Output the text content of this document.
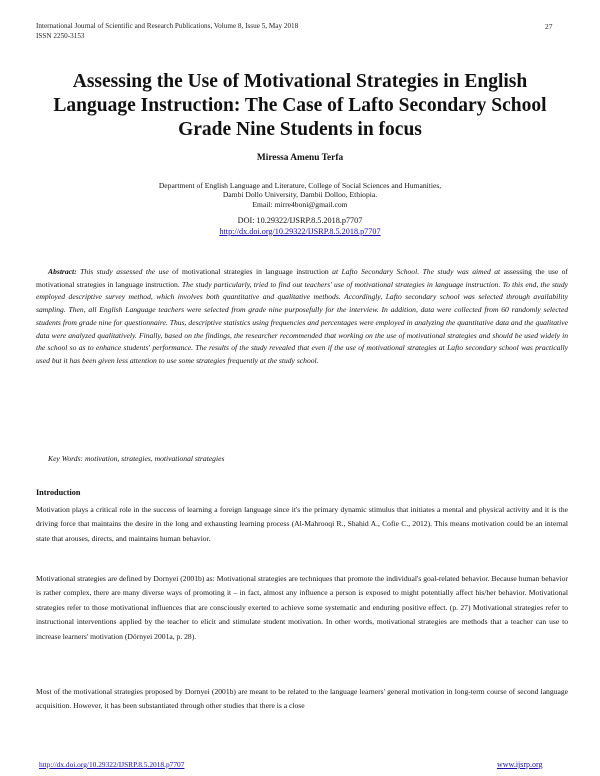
International Journal of Scientific and Research Publications, Volume 8, Issue 5, May 2018
ISSN 2250-3153
27
Assessing the Use of Motivational Strategies in English Language Instruction: The Case of Lafto Secondary School Grade Nine Students in focus
Miressa Amenu Terfa
Department of English Language and Literature, College of Social Sciences and Humanities,
Dambi Dollo University, Dambii Dolloo, Ethiopia.
Email: mirre4boni@gmail.com
DOI: 10.29322/IJSRP.8.5.2018.p7707
http://dx.doi.org/10.29322/IJSRP.8.5.2018.p7707
Abstract: This study assessed the use of motivational strategies in language instruction at Lafto Secondary School. The study was aimed at assessing the use of motivational strategies in language instruction. The study particularly, tried to find out teachers' use of motivational strategies in language instruction. To this end, the study employed descriptive survey method, which involves both quantitative and qualitative methods. Accordingly, Lafto secondary school was selected through availability sampling. Then, all English Language teachers were selected from grade nine purposefully for the interview. In addition, data were collected from 60 randomly selected students from grade nine for questionnaire. Thus, descriptive statistics using frequencies and percentages were employed in analyzing the quantitative data and the qualitative data were analyzed qualitatively. Finally, based on the findings, the researcher recommended that working on the use of motivational strategies and should be used widely in the school so as to enhance students' performance. The results of the study revealed that even if the use of motivational strategies at Lafto secondary school was practically used but it has been given less attention to use some strategies frequently at the study school.
Key Words: motivation, strategies, motivational strategies
Introduction

Motivation plays a critical role in the success of learning a foreign language since it's the primary dynamic stimulus that initiates a mental and physical activity and it is the driving force that maintains the desire in the long and exhausting learning process (Al-Mahrooqi R., Shahid A., Cofie C., 2012). This means motivation could be an internal state that arouses, directs, and maintains human behavior.

Motivational strategies are defined by Dornyei (2001b) as: Motivational strategies are techniques that promote the individual's goal-related behavior. Because human behavior is rather complex, there are many diverse ways of promoting it – in fact, almost any influence a person is exposed to might potentially affect his/her behavior. Motivational strategies refer to those motivational influences that are consciously exerted to achieve some systematic and enduring positive effect. (p. 27) Motivational strategies refer to instructional interventions applied by the teacher to elicit and stimulate student motivation. In other words, motivational strategies are methods that a teacher can use to increase learners' motivation (Dörnyei 2001a, p. 28).

Most of the motivational strategies proposed by Dornyei (2001b) are meant to be related to the language learners' general motivation in long-term course of second language acquisition. However, it has been substantiated through other studies that there is a close

http://dx.doi.org/10.29322/IJSRP.8.5.2018.p7707	www.ijsrp.org
